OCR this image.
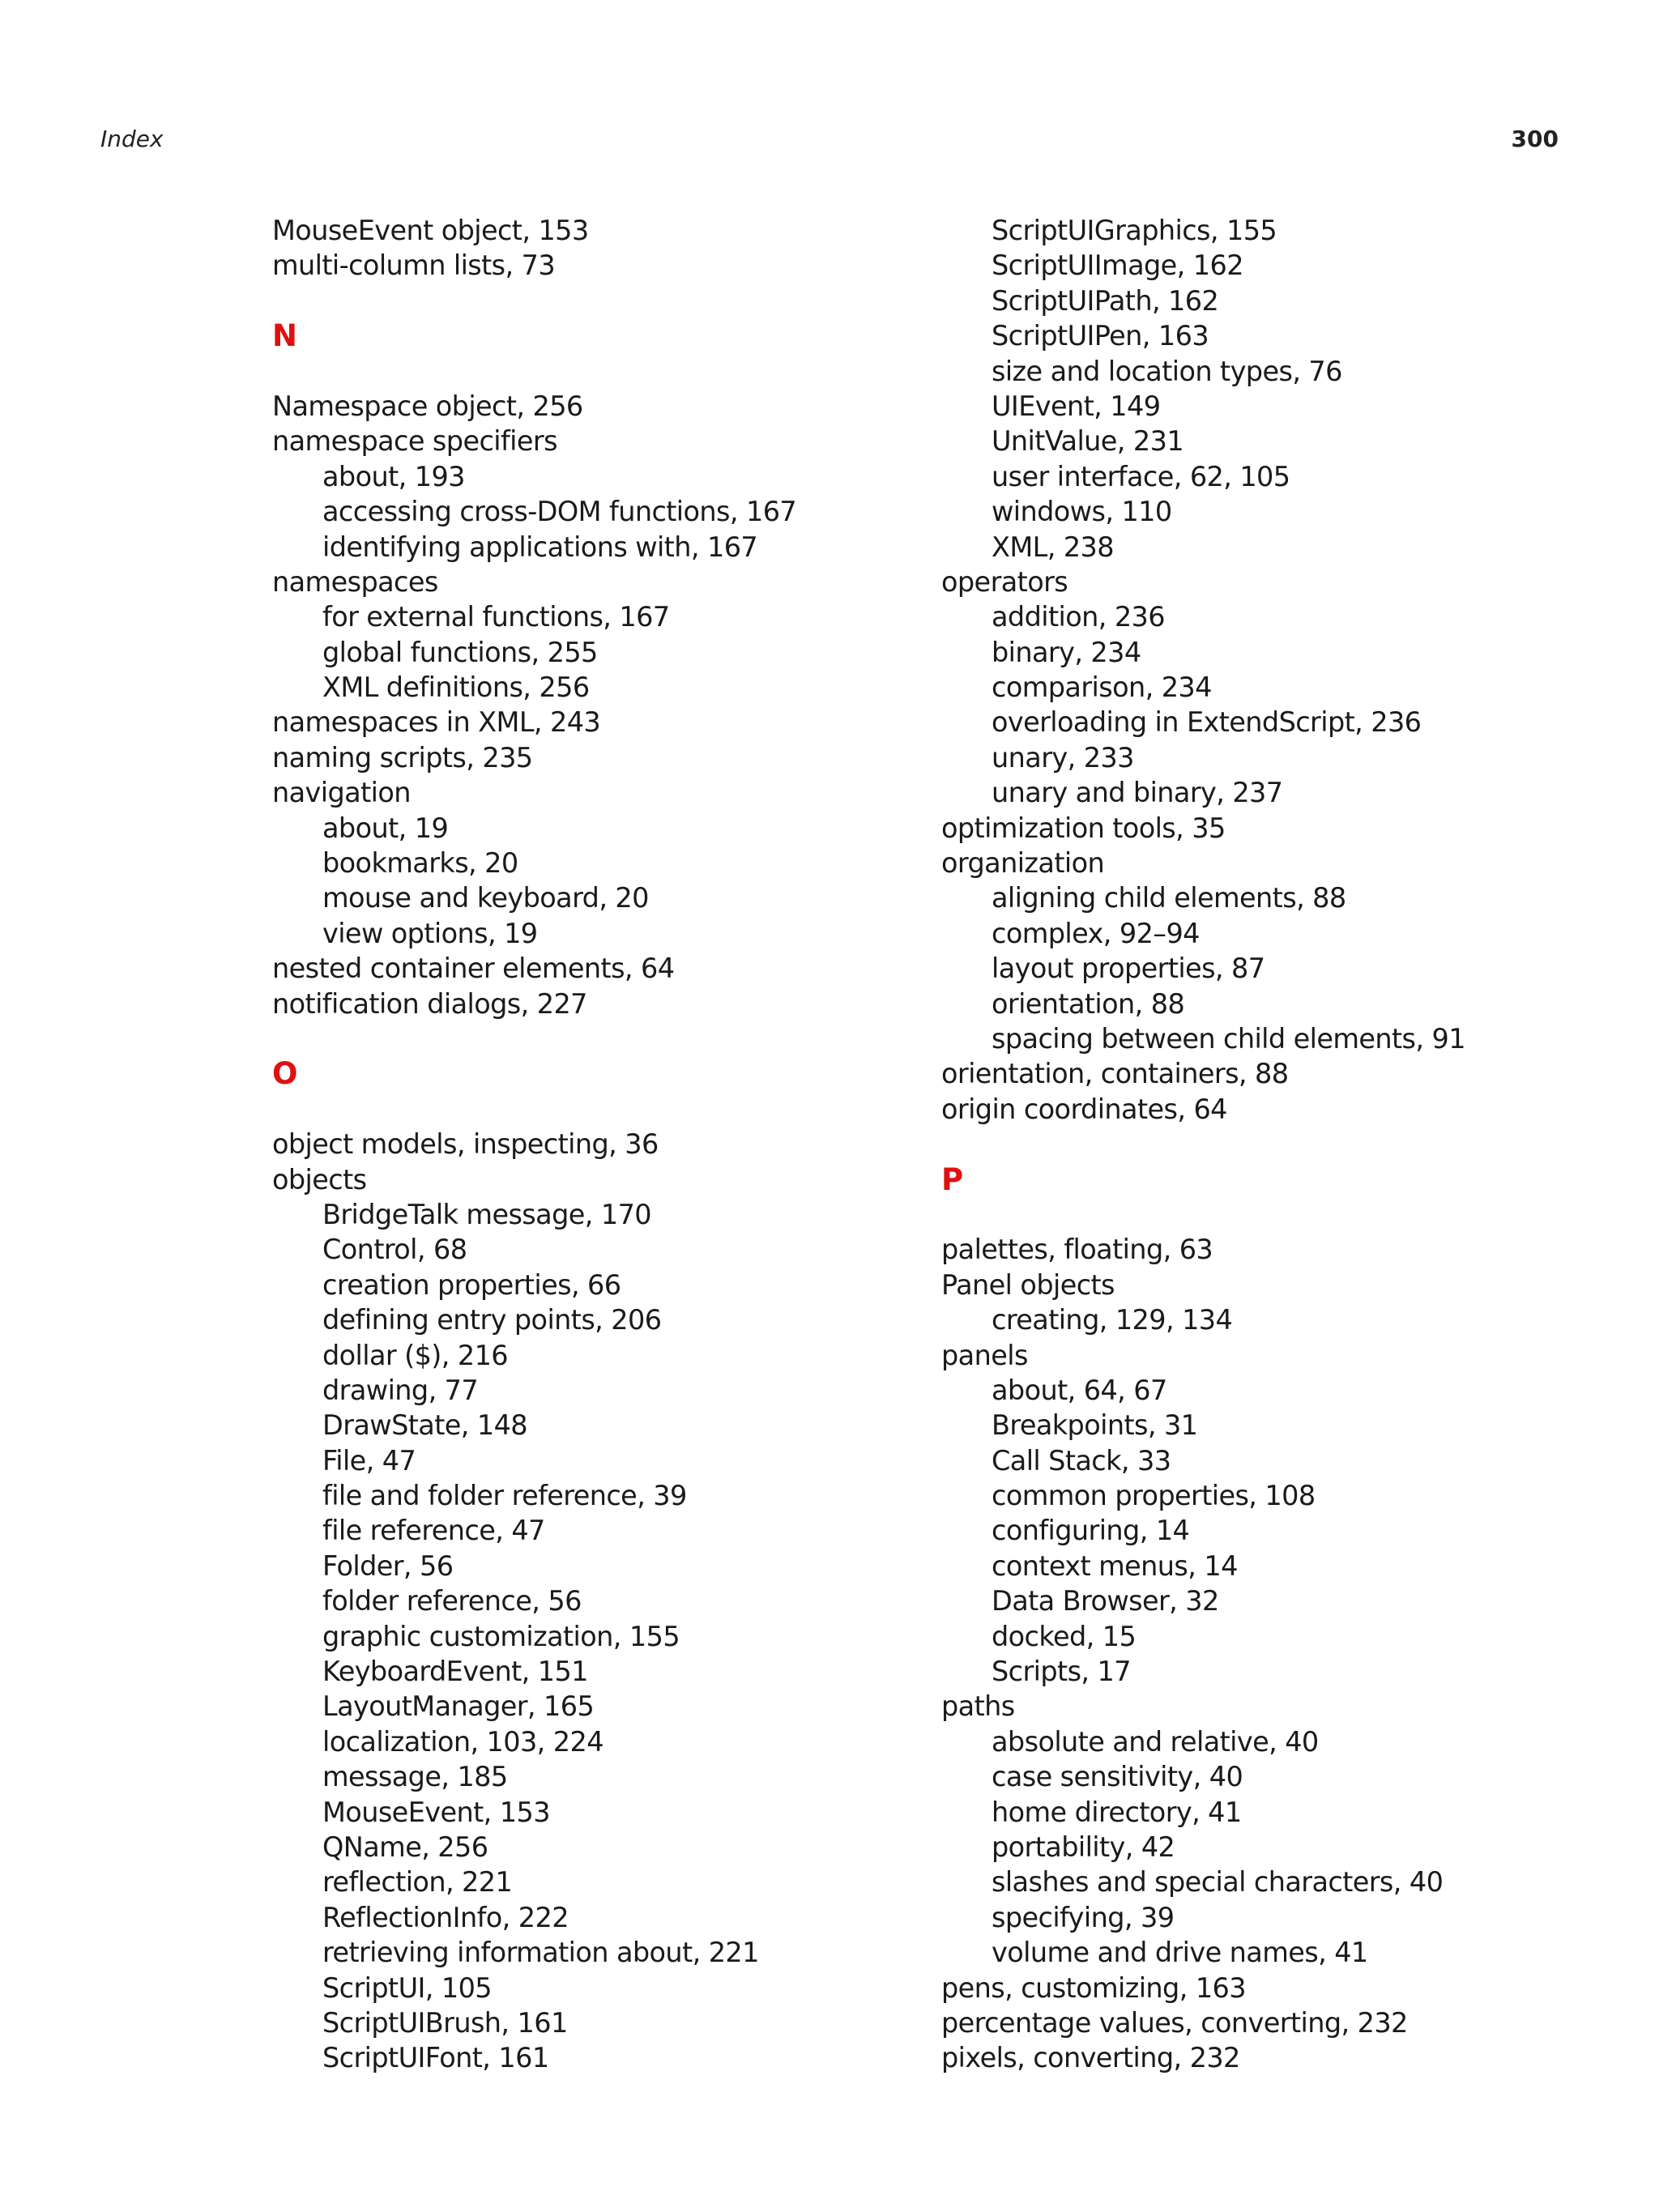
Index	300
MouseEvent object, 153
multi-column lists, 73
N
Namespace object, 256
namespace specifiers
about, 193
accessing cross-DOM functions, 167
identifying applications with, 167
namespaces
for external functions, 167
global functions, 255
XML definitions, 256
namespaces in XML, 243
naming scripts, 235
navigation
about, 19
bookmarks, 20
mouse and keyboard, 20
view options, 19
nested container elements, 64
notification dialogs, 227
O
object models, inspecting, 36
objects
BridgeTalk message, 170
Control, 68
creation properties, 66
defining entry points, 206
dollar ($), 216
drawing, 77
DrawState, 148
File, 47
file and folder reference, 39
file reference, 47
Folder, 56
folder reference, 56
graphic customization, 155
KeyboardEvent, 151
LayoutManager, 165
localization, 103, 224
message, 185
MouseEvent, 153
QName, 256
reflection, 221
ReflectionInfo, 222
retrieving information about, 221
ScriptUI, 105
ScriptUIBrush, 161
ScriptUIFont, 161
ScriptUIGraphics, 155
ScriptUIImage, 162
ScriptUIPath, 162
ScriptUIPen, 163
size and location types, 76
UIEvent, 149
UnitValue, 231
user interface, 62, 105
windows, 110
XML, 238
operators
addition, 236
binary, 234
comparison, 234
overloading in ExtendScript, 236
unary, 233
unary and binary, 237
optimization tools, 35
organization
aligning child elements, 88
complex, 92–94
layout properties, 87
orientation, 88
spacing between child elements, 91
orientation, containers, 88
origin coordinates, 64
P
palettes, floating, 63
Panel objects
creating, 129, 134
panels
about, 64, 67
Breakpoints, 31
Call Stack, 33
common properties, 108
configuring, 14
context menus, 14
Data Browser, 32
docked, 15
Scripts, 17
paths
absolute and relative, 40
case sensitivity, 40
home directory, 41
portability, 42
slashes and special characters, 40
specifying, 39
volume and drive names, 41
pens, customizing, 163
percentage values, converting, 232
pixels, converting, 232
